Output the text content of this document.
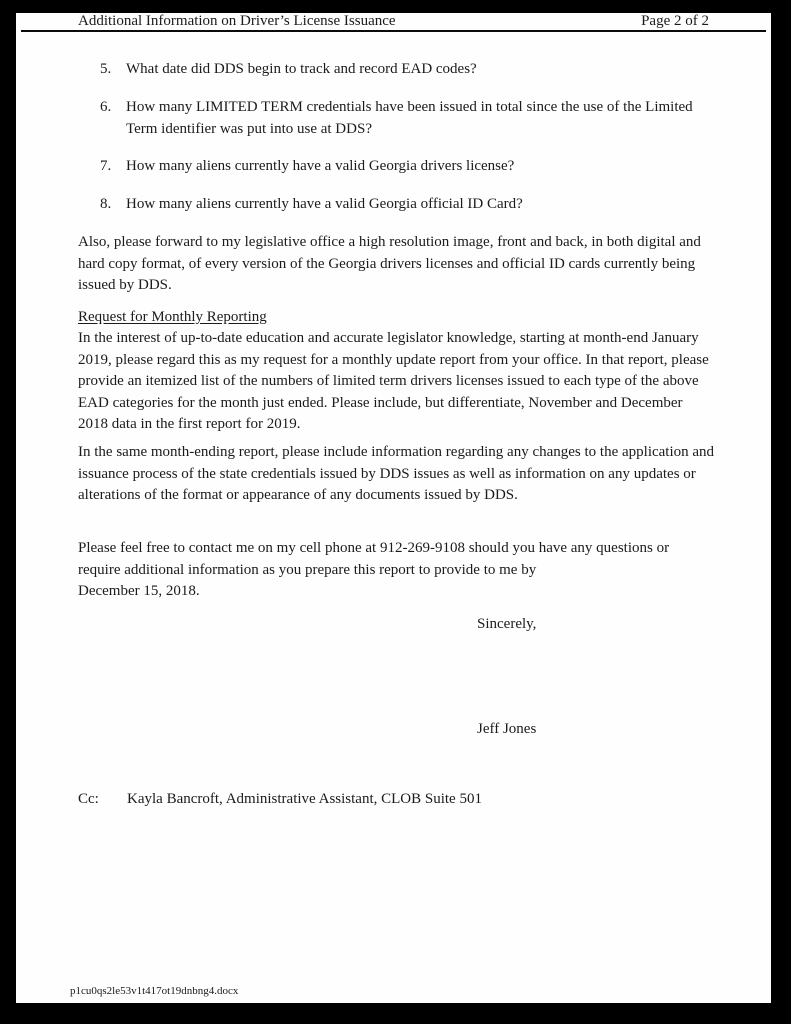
Additional Information on Driver’s License Issuance	Page 2 of 2
5. What date did DDS begin to track and record EAD codes?
6. How many LIMITED TERM credentials have been issued in total since the use of the Limited Term identifier was put into use at DDS?
7. How many aliens currently have a valid Georgia drivers license?
8. How many aliens currently have a valid Georgia official ID Card?
Also, please forward to my legislative office a high resolution image, front and back, in both digital and hard copy format, of every version of the Georgia drivers licenses and official ID cards currently being issued by DDS.
Request for Monthly Reporting
In the interest of up-to-date education and accurate legislator knowledge, starting at month-end January 2019, please regard this as my request for a monthly update report from your office. In that report, please provide an itemized list of the numbers of limited term drivers licenses issued to each type of the above EAD categories for the month just ended. Please include, but differentiate, November and December 2018 data in the first report for 2019.
In the same month-ending report, please include information regarding any changes to the application and issuance process of the state credentials issued by DDS issues as well as information on any updates or alterations of the format or appearance of any documents issued by DDS.
Please feel free to contact me on my cell phone at 912-269-9108 should you have any questions or require additional information as you prepare this report to provide to me by
December 15, 2018.
Sincerely,
Jeff Jones
Cc: Kayla Bancroft, Administrative Assistant, CLOB Suite 501
p1cu0qs2le53v1t417ot19dnbng4.docx
